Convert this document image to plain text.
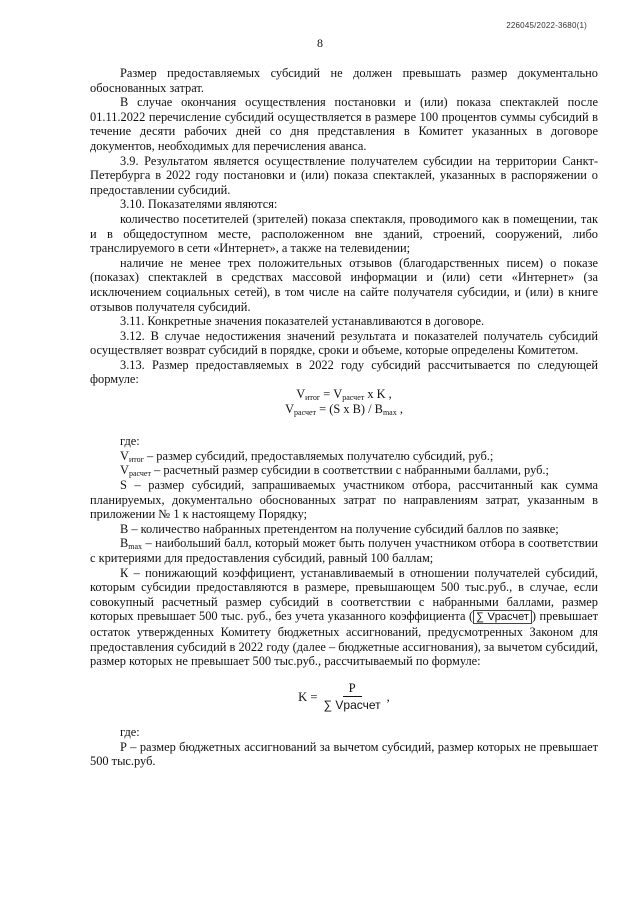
226045/2022-3680(1)
8

Размер предоставляемых субсидий не должен превышать размер документально обоснованных затрат.

В случае окончания осуществления постановки и (или) показа спектаклей после 01.11.2022 перечисление субсидий осуществляется в размере 100 процентов суммы субсидий в течение десяти рабочих дней со дня представления в Комитет указанных в договоре документов, необходимых для перечисления аванса.

3.9. Результатом является осуществление получателем субсидии на территории Санкт-Петербурга в 2022 году постановки и (или) показа спектаклей, указанных в распоряжении о предоставлении субсидий.

3.10. Показателями являются:

количество посетителей (зрителей) показа спектакля, проводимого как в помещении, так и в общедоступном месте, расположенном вне зданий, строений, сооружений, либо транслируемого в сети «Интернет», а также на телевидении;

наличие не менее трех положительных отзывов (благодарственных писем) о показе (показах) спектаклей в средствах массовой информации и (или) сети «Интернет» (за исключением социальных сетей), в том числе на сайте получателя субсидии, и (или) в книге отзывов получателя субсидий.

3.11. Конкретные значения показателей устанавливаются в договоре.

3.12. В случае недостижения значений результата и показателей получатель субсидий осуществляет возврат субсидий в порядке, сроки и объеме, которые определены Комитетом.

3.13. Размер предоставляемых в 2022 году субсидий рассчитывается по следующей формуле:

$V_{итог} = V_{расчет}$ х K ,

$V_{расчет} = (S$ х $B) / B_{max}$ ,

где:

$V_{итог}$ – размер субсидий, предоставляемых получателю субсидий, руб.;

$V_{расчет}$ – расчетный размер субсидии в соответствии с набранными баллами, руб.;

S – размер субсидий, запрашиваемых участником отбора, рассчитанный как сумма планируемых, документально обоснованных затрат по направлениям затрат, указанным в приложении № 1 к настоящему Порядку;

В – количество набранных претендентом на получение субсидий баллов по заявке;

$B_{max}$ – наибольший балл, который может быть получен участником отбора в соответствии с критериями для предоставления субсидий, равный 100 баллам;

К – понижающий коэффициент, устанавливаемый в отношении получателей субсидий, которым субсидии предоставляются в размере, превышающем 500 тыс.руб., в случае, если совокупный расчетный размер субсидий в соответствии с набранными баллами, размер которых превышает 500 тыс. руб., без учета указанного коэффициента ( ∑ Vрасчет ) превышает остаток утвержденных Комитету бюджетных ассигнований, предусмотренных Законом для предоставления субсидий в 2022 году (далее – бюджетные ассигнования), за вычетом субсидий, размер которых не превышает 500 тыс.руб., рассчитываемый по формуле:

$K = \frac{P}{\text{∑ Vрасчет}}$ ,

где:

Р – размер бюджетных ассигнований за вычетом субсидий, размер которых не превышает 500 тыс.руб.
